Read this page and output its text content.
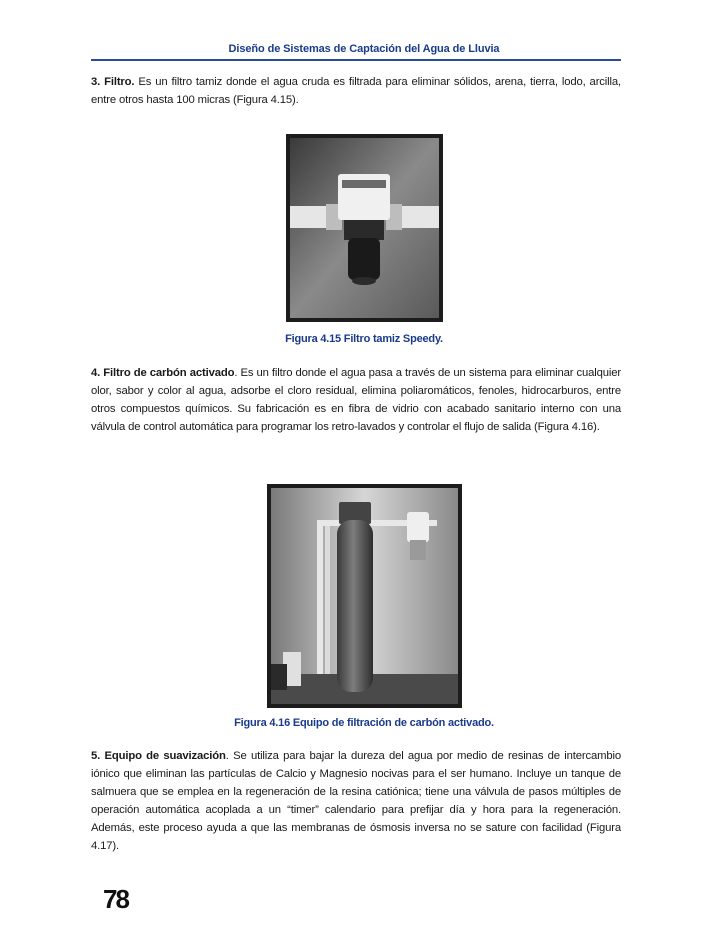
Diseño de Sistemas de Captación del Agua de Lluvia

3. Filtro. Es un filtro tamiz donde el agua cruda es filtrada para eliminar sólidos, arena, tierra, lodo, arcilla, entre otros hasta 100 micras (Figura 4.15).

Figura 4.15 Filtro tamiz Speedy.

4. Filtro de carbón activado. Es un filtro donde el agua pasa a través de un sistema para eliminar cualquier olor, sabor y color al agua, adsorbe el cloro residual, elimina poliaromáticos, fenoles, hidrocarburos, entre otros compuestos químicos. Su fabricación es en fibra de vidrio con acabado sanitario interno con una válvula de control automática para programar los retro-lavados y controlar el flujo de salida (Figura 4.16).

Figura 4.16 Equipo de filtración de carbón activado.

5. Equipo de suavización. Se utiliza para bajar la dureza del agua por medio de resinas de intercambio iónico que eliminan las partículas de Calcio y Magnesio nocivas para el ser humano. Incluye un tanque de salmuera que se emplea en la regeneración de la resina catiónica; tiene una válvula de pasos múltiples de operación automática acoplada a un “timer” calendario para prefijar día y hora para la regeneración. Además, este proceso ayuda a que las membranas de ósmosis inversa no se sature con facilidad (Figura 4.17).

78
